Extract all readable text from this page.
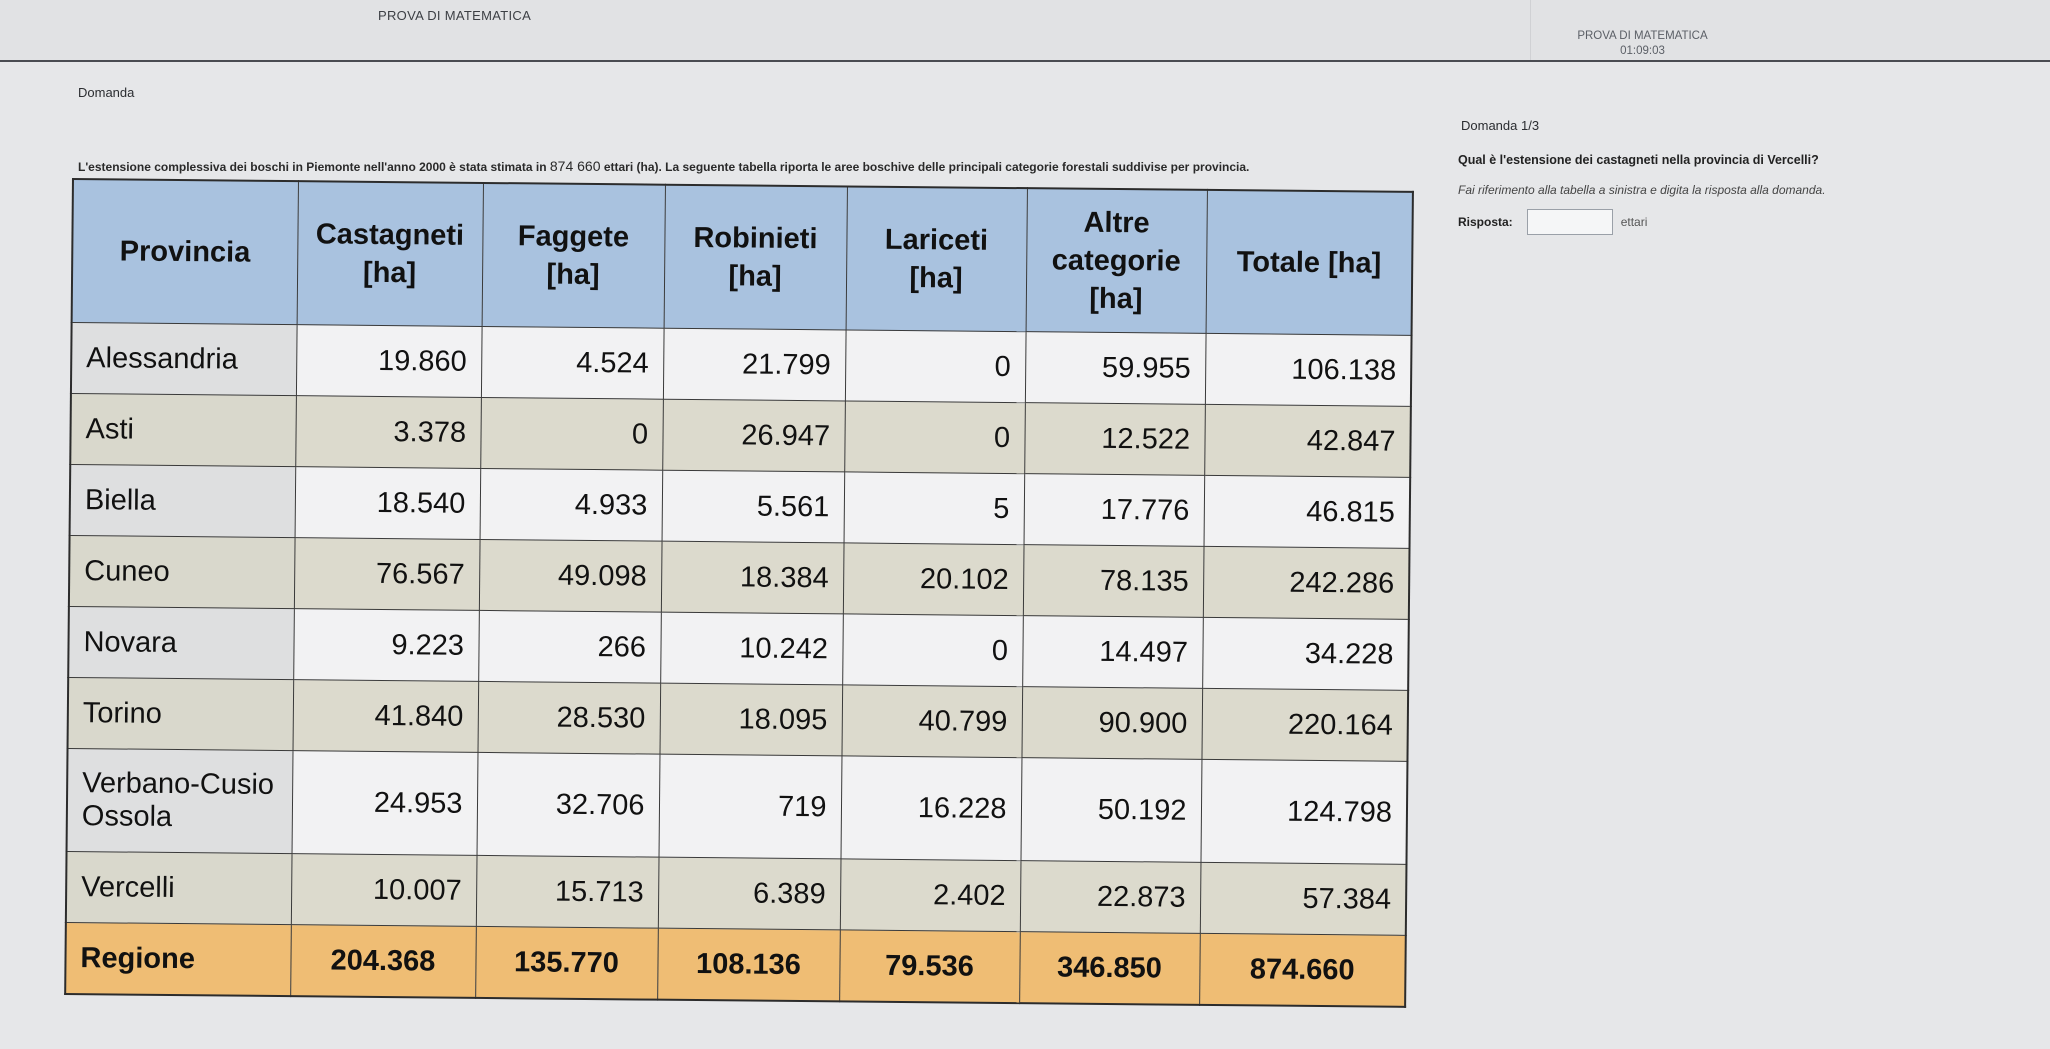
PROVA DI MATEMATICA
PROVA DI MATEMATICA
01:09:03
Domanda
L'estensione complessiva dei boschi in Piemonte nell'anno 2000 è stata stimata in 874 660 ettari (ha). La seguente tabella riporta le aree boschive delle principali categorie forestali suddivise per provincia.
Provincia	Castagneti [ha]	Faggete [ha]	Robinieti [ha]	Lariceti [ha]	Altre categorie [ha]	Totale [ha]
Alessandria	19.860	4.524	21.799	0	59.955	106.138
Asti	3.378	0	26.947	0	12.522	42.847
Biella	18.540	4.933	5.561	5	17.776	46.815
Cuneo	76.567	49.098	18.384	20.102	78.135	242.286
Novara	9.223	266	10.242	0	14.497	34.228
Torino	41.840	28.530	18.095	40.799	90.900	220.164
Verbano-Cusio Ossola	24.953	32.706	719	16.228	50.192	124.798
Vercelli	10.007	15.713	6.389	2.402	22.873	57.384
Regione	204.368	135.770	108.136	79.536	346.850	874.660
Domanda 1/3
Qual è l'estensione dei castagneti nella provincia di Vercelli?
Fai riferimento alla tabella a sinistra e digita la risposta alla domanda.
Risposta:	ettari
